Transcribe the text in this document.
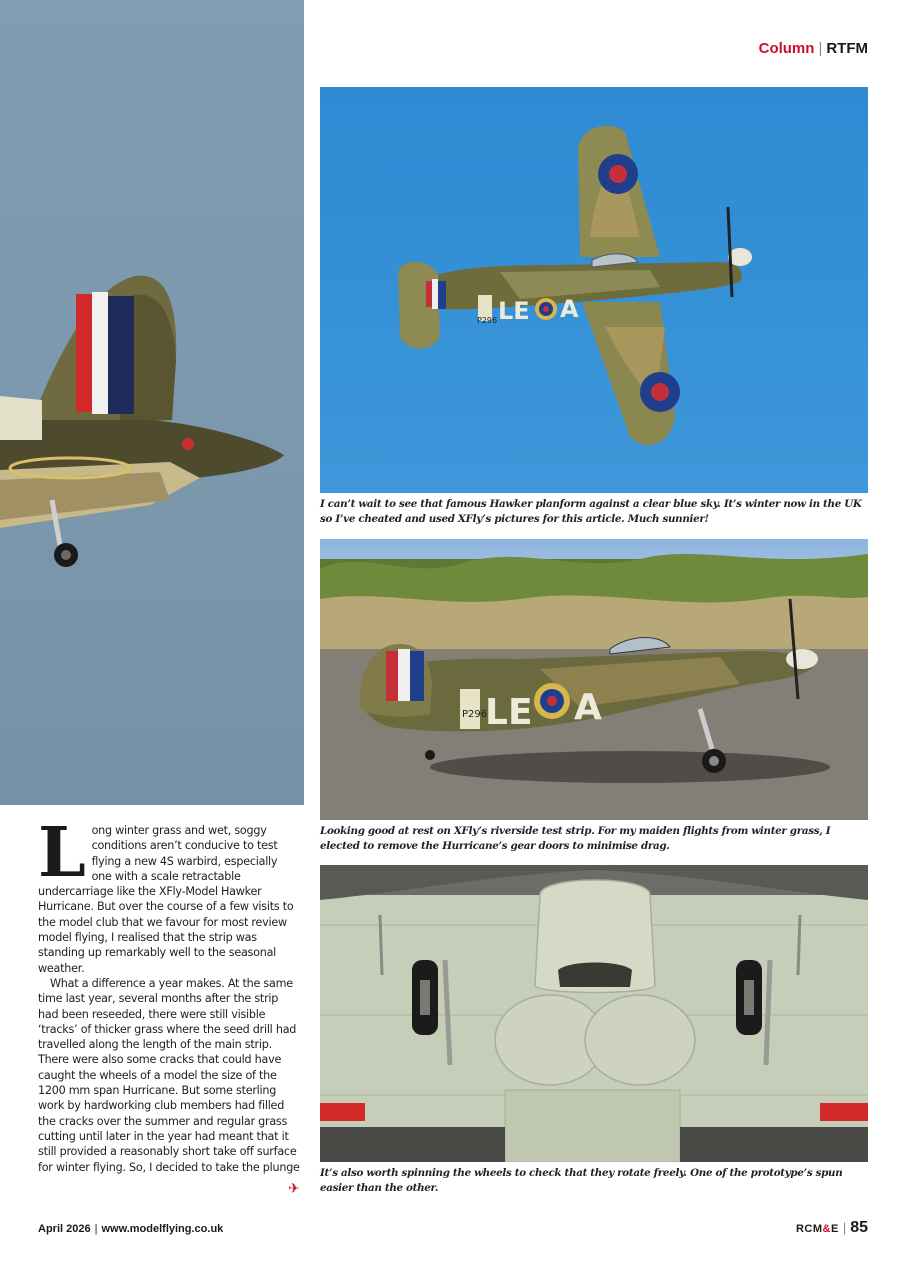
Column | RTFM
LE A
P296
I can’t wait to see that famous Hawker planform against a clear blue sky. It’s winter now in the UK so I’ve cheated and used XFly’s pictures for this article. Much sunnier!
P296
LE A
Looking good at rest on XFly’s riverside test strip. For my maiden flights from winter grass, I elected to remove the Hurricane’s gear doors to minimise drag.
It’s also worth spinning the wheels to check that they rotate freely. One of the prototype’s spun easier than the other.
L ong winter grass and wet, soggy conditions aren’t conducive to test flying a new 4S warbird, especially one with a scale retractable undercarriage like the XFly-Model Hawker Hurricane. But over the course of a few visits to the model club that we favour for most review model flying, I realised that the strip was standing up remarkably well to the seasonal weather.

What a difference a year makes. At the same time last year, several months after the strip had been reseeded, there were still visible ‘tracks’ of thicker grass where the seed drill had travelled along the length of the main strip. There were also some cracks that could have caught the wheels of a model the size of the 1200 mm span Hurricane. But some sterling work by hardworking club members had filled the cracks over the summer and regular grass cutting until later in the year had meant that it still provided a reasonably short take off surface for winter flying. So, I decided to take the plunge

✈
April 2026 | www.modelflying.co.uk	RCM&E | 85
